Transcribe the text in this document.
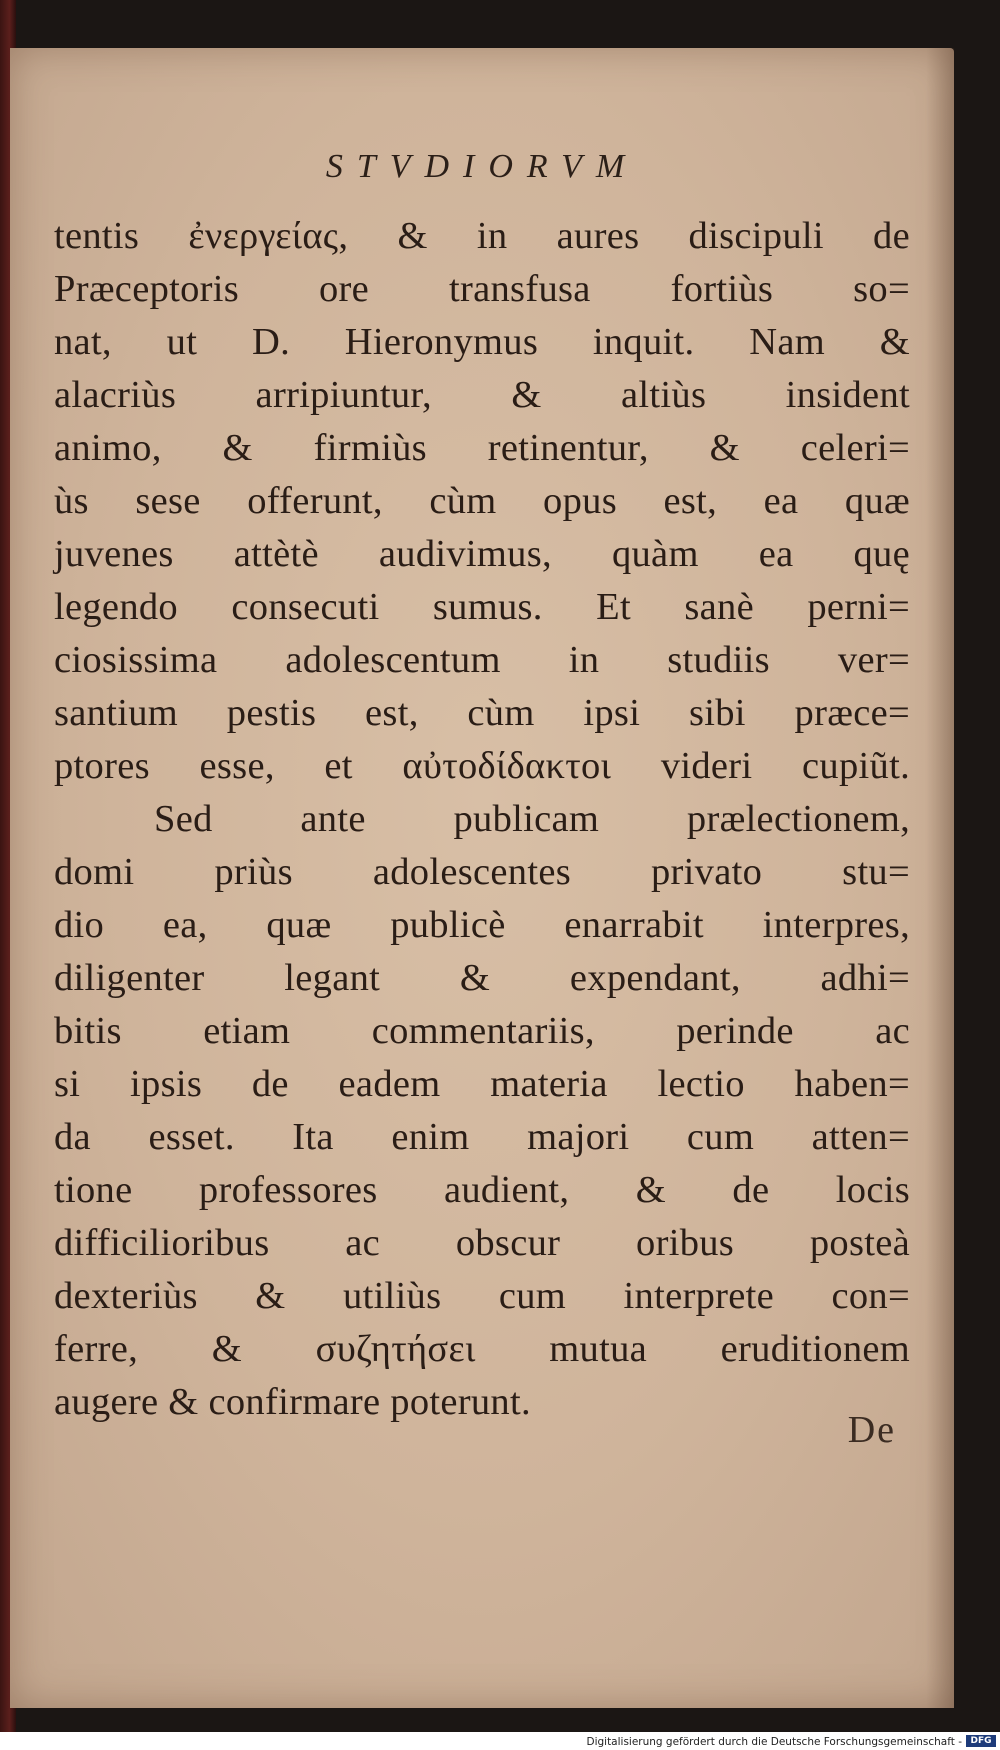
STVDIORVM
tentis ἐνεργείας, & in aures discipuli de
Præceptoris ore transfusa fortiùs so=
nat, ut D. Hieronymus inquit. Nam &
alacriùs arripiuntur, & altiùs insident
animo, & firmiùs retinentur, & celeri=
ùs sese offerunt, cùm opus est, ea quæ
juvenes attètè audivimus, quàm ea quę
legendo consecuti sumus. Et sanè perni=
ciosissima adolescentum in studiis ver=
santium pestis est, cùm ipsi sibi præce=
ptores esse, et αὐτοδίδακτοι videri cupiũt.
Sed ante publicam prælectionem,
domi priùs adolescentes privato stu=
dio ea, quæ publicè enarrabit interpres,
diligenter legant & expendant, adhi=
bitis etiam commentariis, perinde ac
si ipsis de eadem materia lectio haben=
da esset. Ita enim majori cum atten=
tione professores audient, & de locis
difficilioribus ac obscur oribus posteà
dexteriùs & utiliùs cum interprete con=
ferre, & συζητήσει mutua eruditionem
augere & confirmare poterunt.
De
Digitalisierung gefördert durch die Deutsche Forschungsgemeinschaft - DFG
